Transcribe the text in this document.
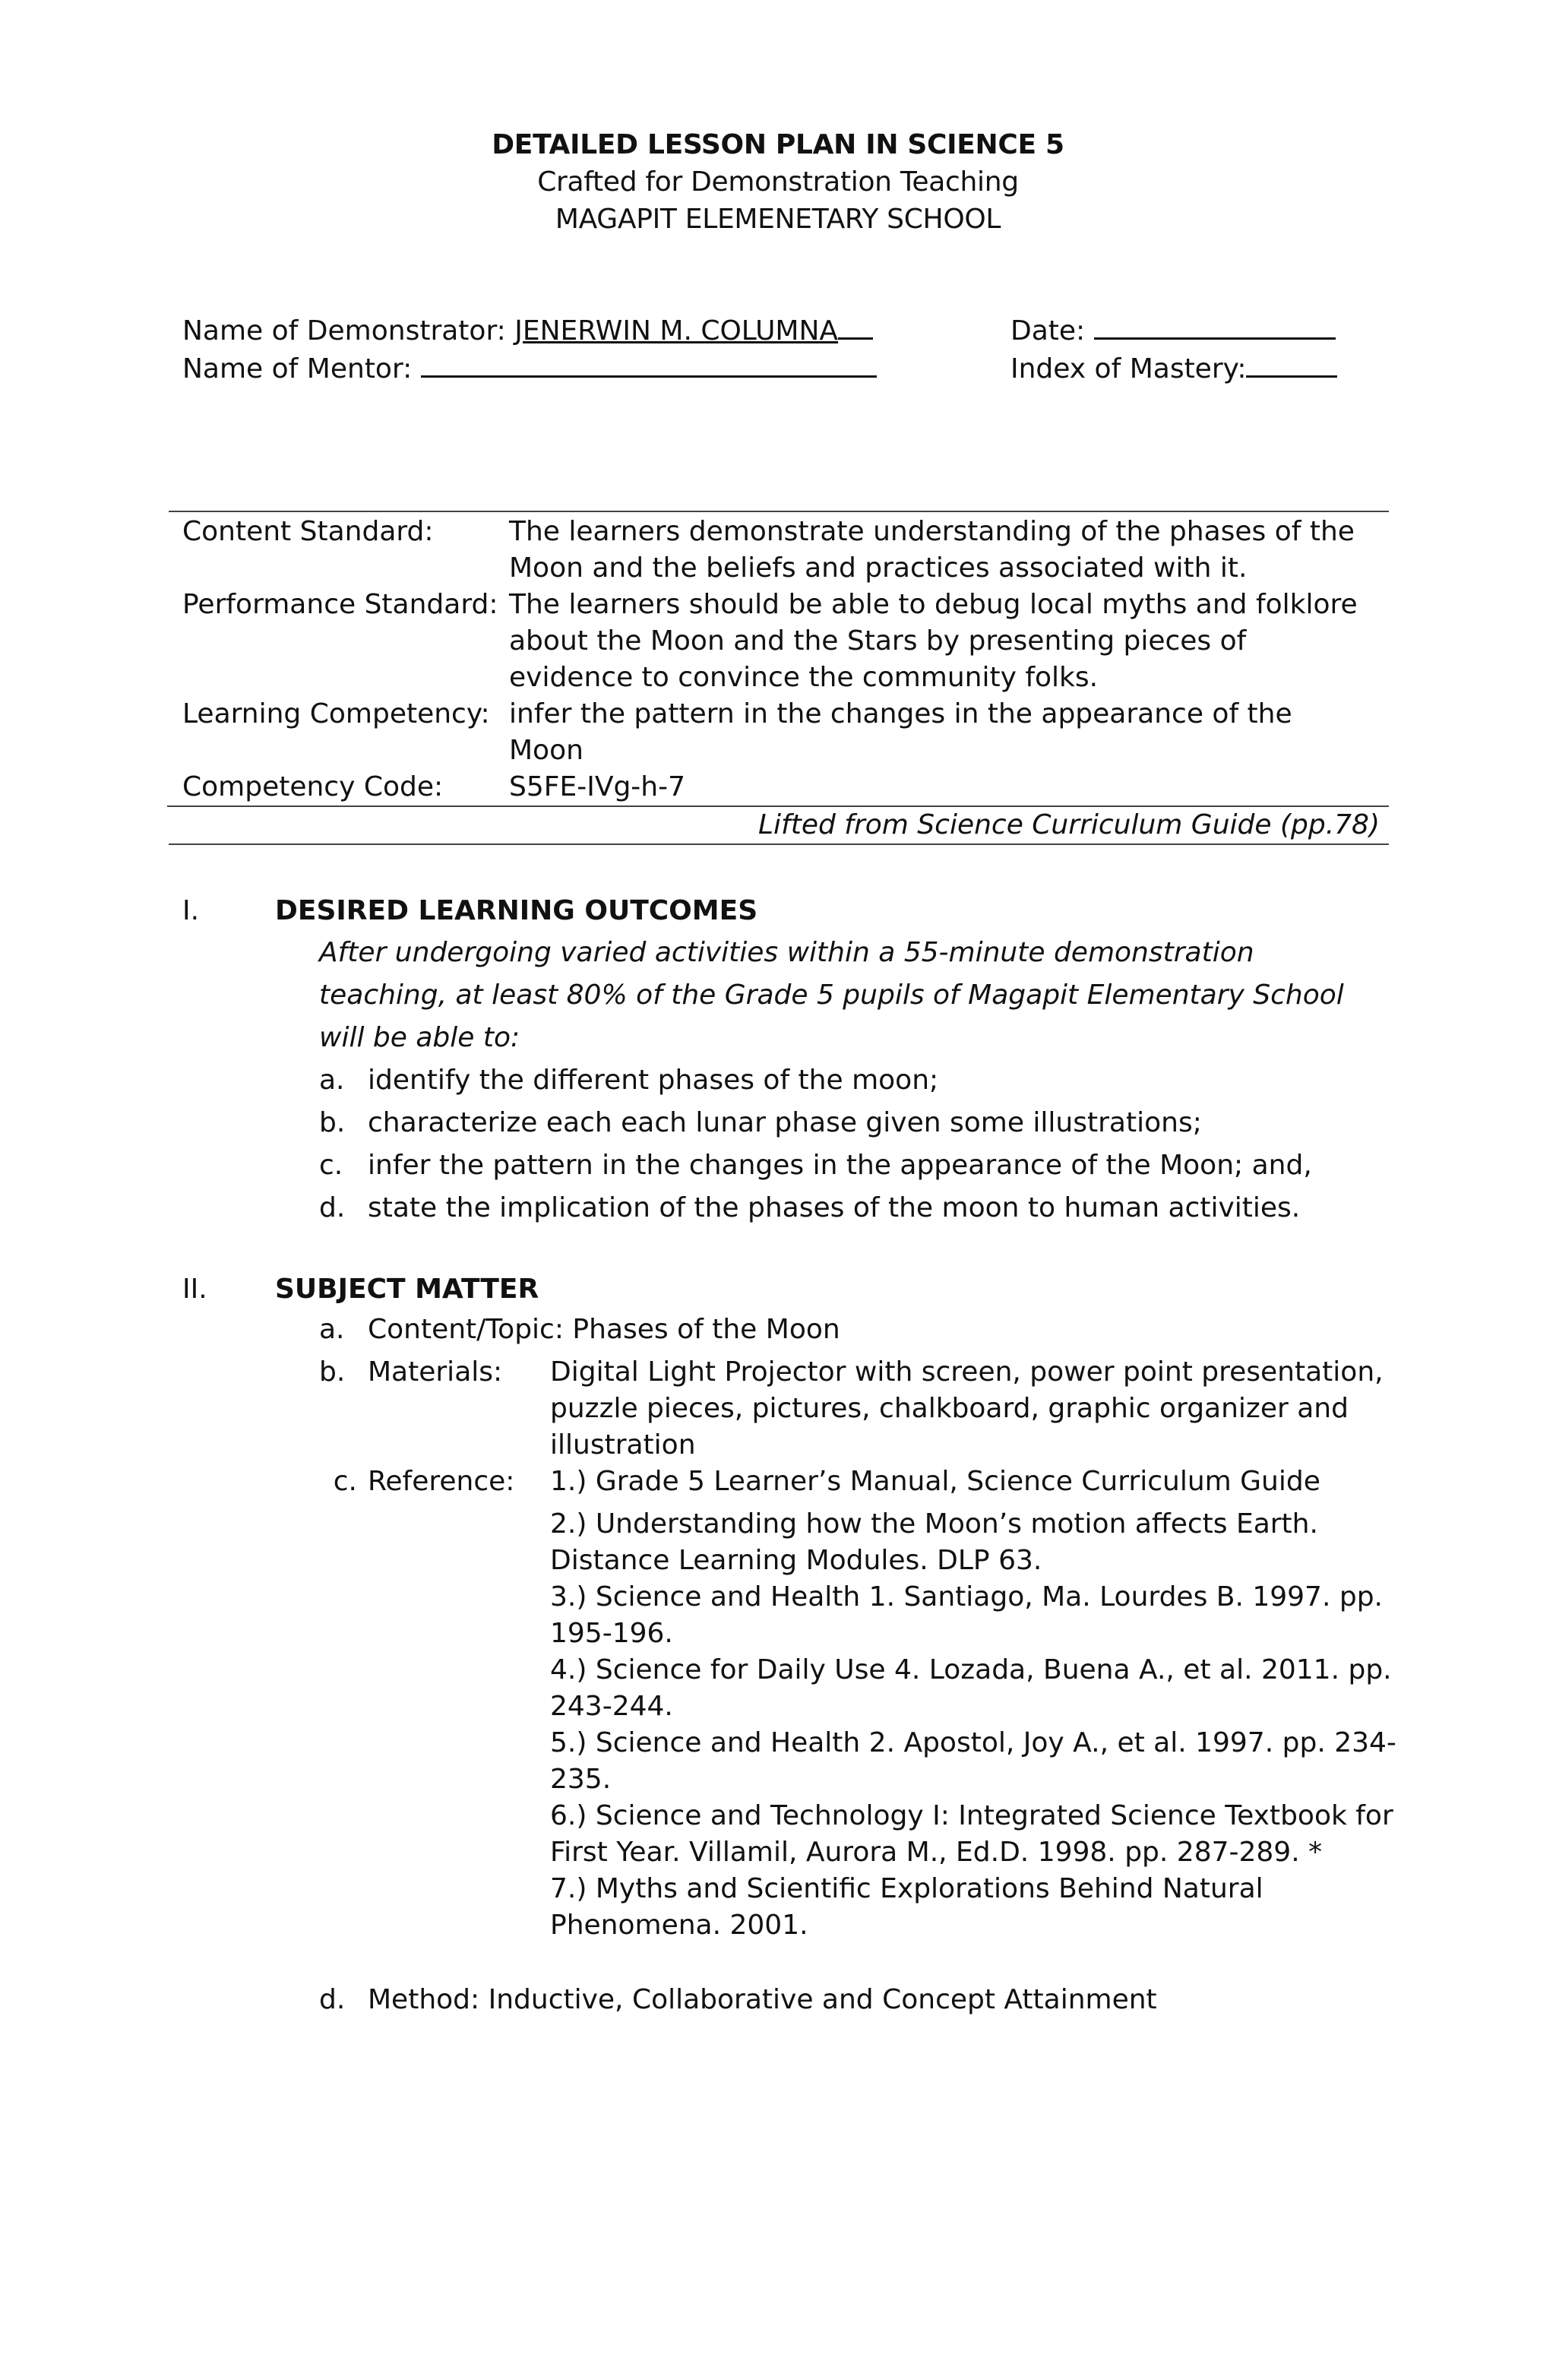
DETAILED LESSON PLAN IN SCIENCE 5
Crafted for Demonstration Teaching
MAGAPIT ELEMENETARY SCHOOL
Name of Demonstrator: JENERWIN M. COLUMNA	Date:
Name of Mentor:	Index of Mastery:
Content Standard:	The learners demonstrate understanding of the phases of the Moon and the beliefs and practices associated with it.
Performance Standard: The learners should be able to debug local myths and folklore about the Moon and the Stars by presenting pieces of evidence to convince the community folks.
Learning Competency: infer the pattern in the changes in the appearance of the Moon
Competency Code:	S5FE-IVg-h-7
Lifted from Science Curriculum Guide (pp.78)
I.	DESIRED LEARNING OUTCOMES
After undergoing varied activities within a 55-minute demonstration teaching, at least 80% of the Grade 5 pupils of Magapit Elementary School will be able to:
a. identify the different phases of the moon;
b. characterize each each lunar phase given some illustrations;
c. infer the pattern in the changes in the appearance of the Moon; and,
d. state the implication of the phases of the moon to human activities.
II. SUBJECT MATTER
a. Content/Topic: Phases of the Moon
b. Materials:	Digital Light Projector with screen, power point presentation, puzzle pieces, pictures, chalkboard, graphic organizer and illustration
c. Reference:	1.) Grade 5 Learner’s Manual, Science Curriculum Guide
2.) Understanding how the Moon’s motion affects Earth. Distance Learning Modules. DLP 63.
3.) Science and Health 1. Santiago, Ma. Lourdes B. 1997. pp. 195-196.
4.) Science for Daily Use 4. Lozada, Buena A., et al. 2011. pp. 243-244.
5.) Science and Health 2. Apostol, Joy A., et al. 1997. pp. 234-235.
6.) Science and Technology I: Integrated Science Textbook for First Year. Villamil, Aurora M., Ed.D. 1998. pp. 287-289. *
7.) Myths and Scientific Explorations Behind Natural Phenomena. 2001.
d. Method: Inductive, Collaborative and Concept Attainment
